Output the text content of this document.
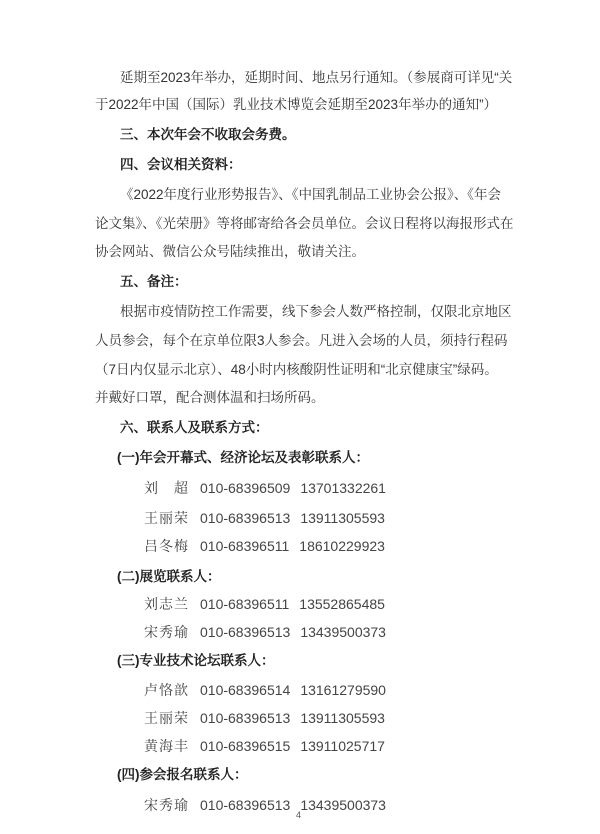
延期至2023年举办，延期时间、地点另行通知。（参展商可详见“关
于2022年中国（国际）乳业技术博览会延期至2023年举办的通知”）
三、本次年会不收取会务费。
四、会议相关资料：
《2022年度行业形势报告》、《中国乳制品工业协会公报》、《年会
论文集》、《光荣册》等将邮寄给各会员单位。会议日程将以海报形式在
协会网站、微信公众号陆续推出，敬请关注。
五、备注：
根据市疫情防控工作需要，线下参会人数严格控制，仅限北京地区
人员参会，每个在京单位限3人参会。凡进入会场的人员，须持行程码
（7日内仅显示北京）、48小时内核酸阴性证明和“北京健康宝”绿码。
并戴好口罩，配合测体温和扫场所码。
六、联系人及联系方式：
(一)年会开幕式、经济论坛及表彰联系人：
刘　超 010-68396509 13701332261
王丽荣 010-68396513 13911305593
吕冬梅 010-68396511 18610229923
(二)展览联系人：
刘志兰 010-68396511 13552865485
宋秀瑜 010-68396513 13439500373
(三)专业技术论坛联系人：
卢恪歆 010-68396514 13161279590
王丽荣 010-68396513 13911305593
黄海丰 010-68396515 13911025717
(四)参会报名联系人：
宋秀瑜 010-68396513 13439500373
4
